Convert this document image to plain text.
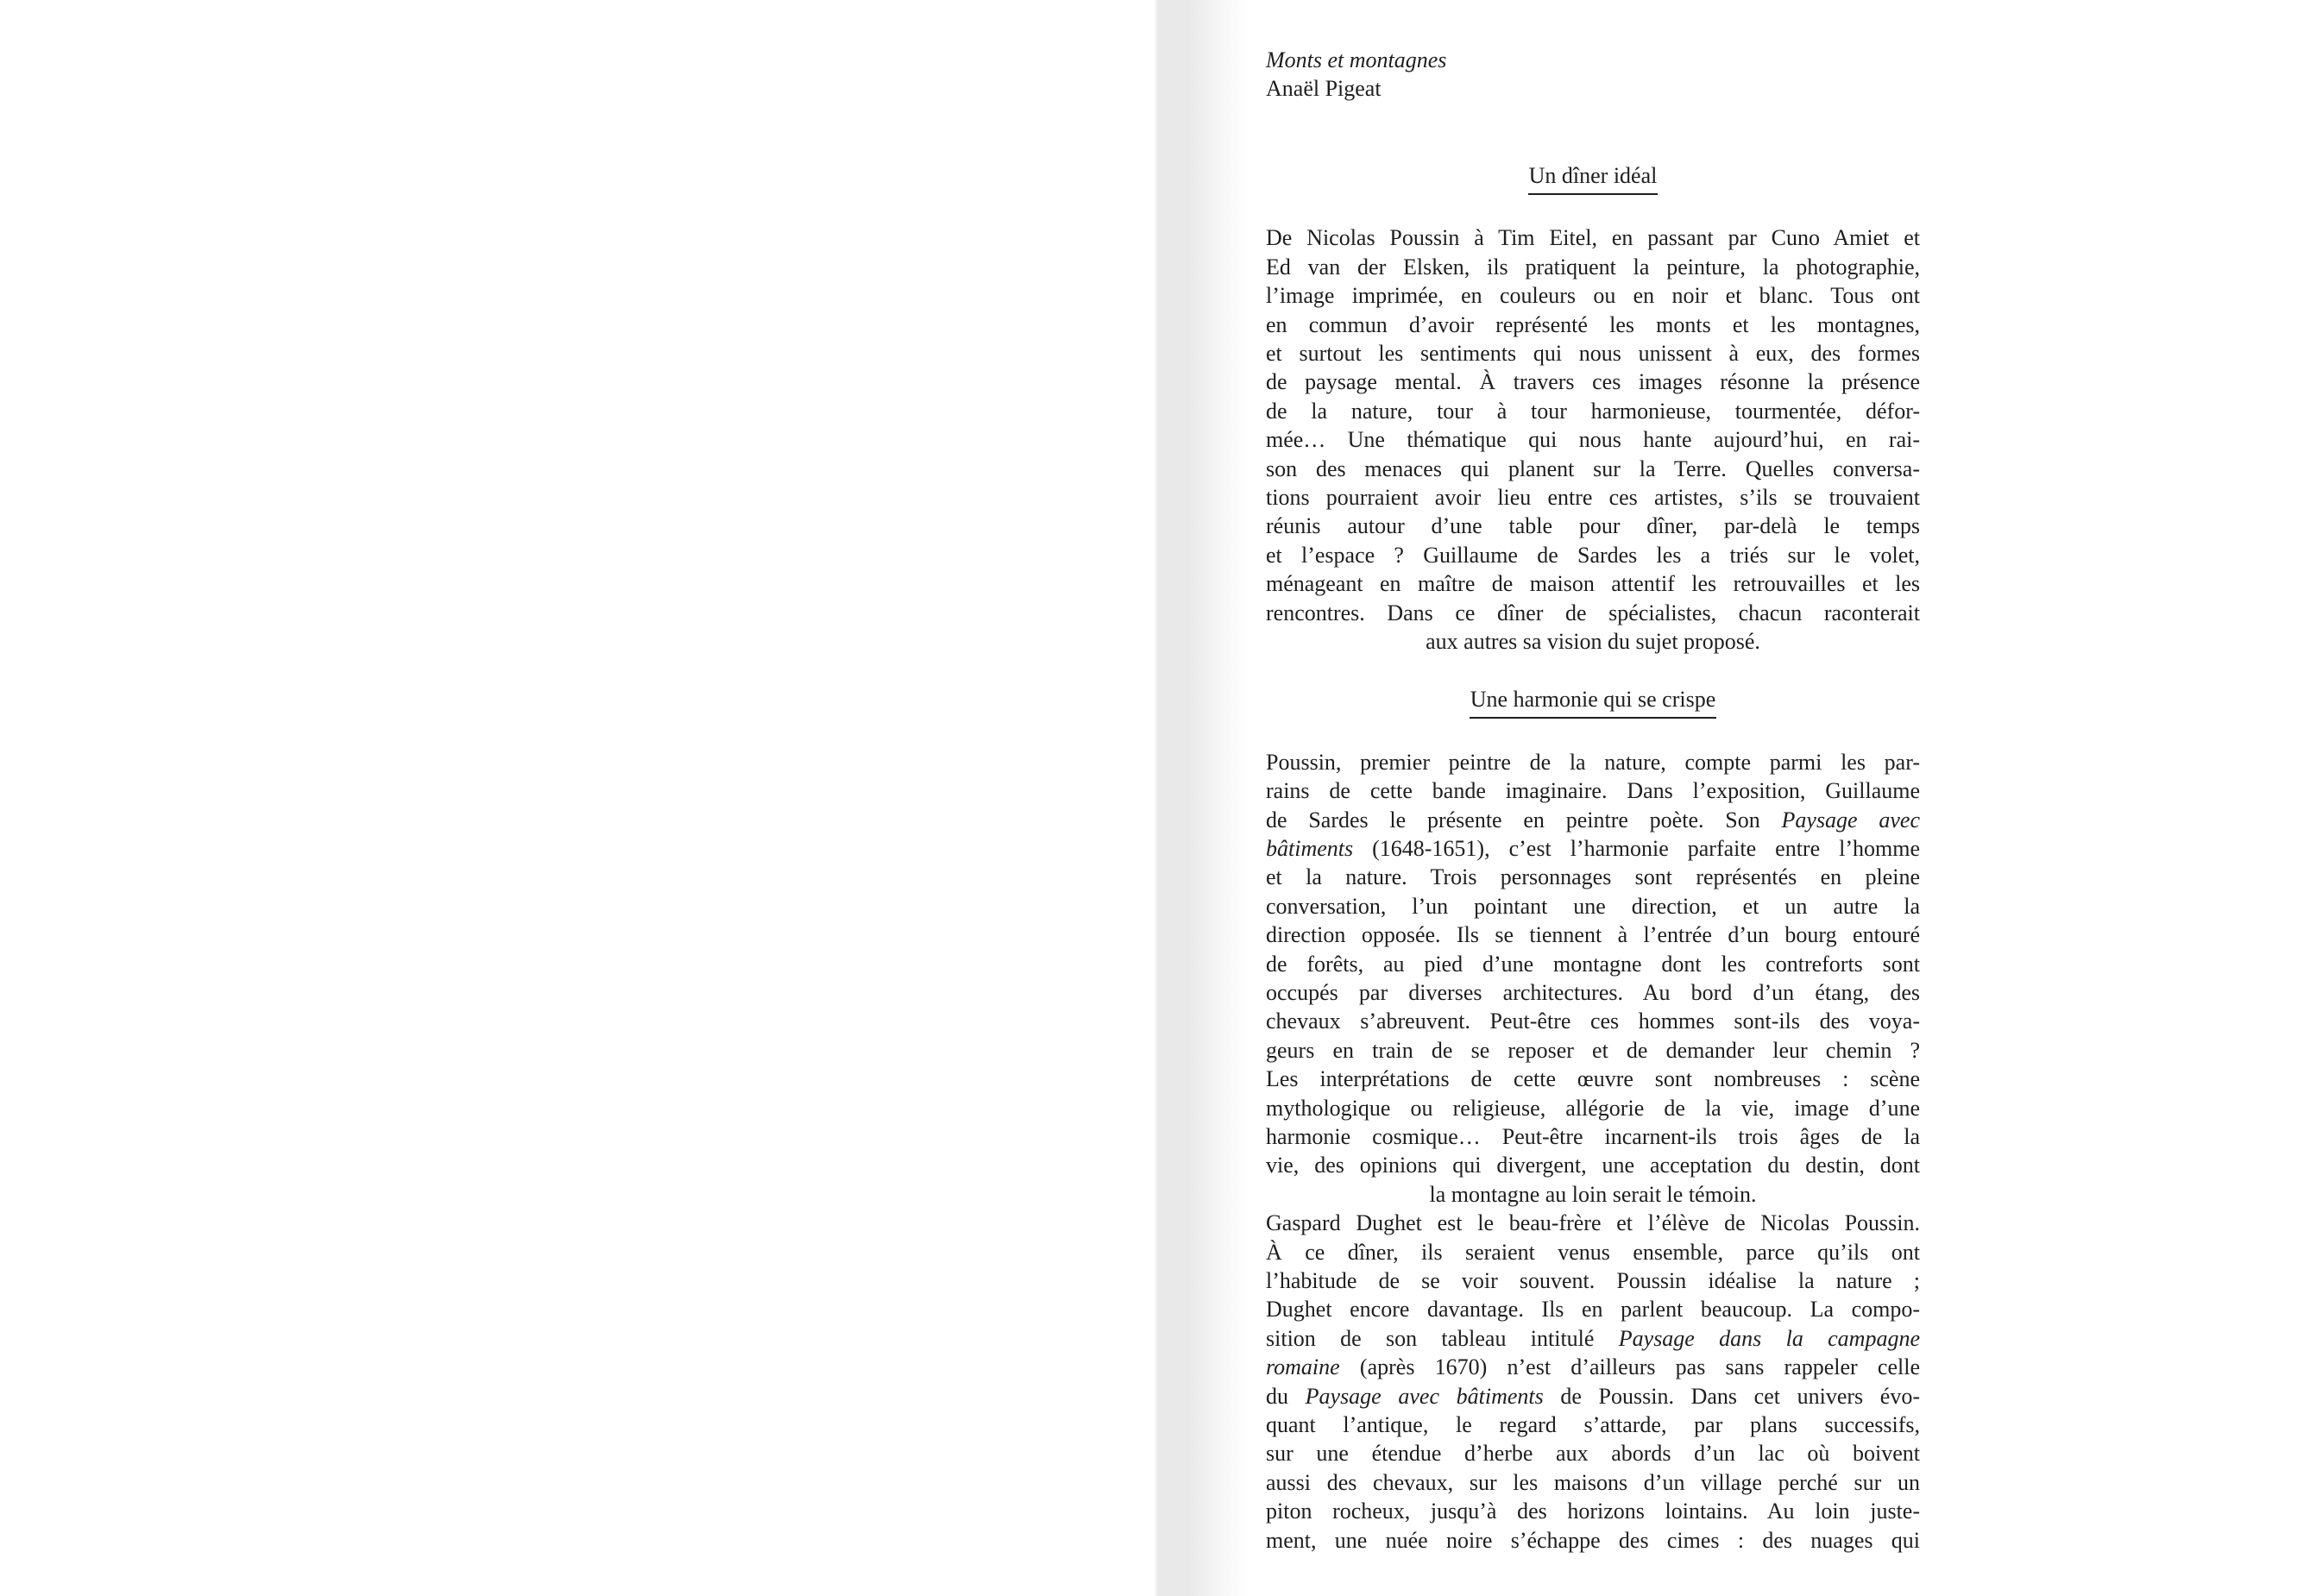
Monts et montagnes
Anaël Pigeat
Un dîner idéal
De Nicolas Poussin à Tim Eitel, en passant par Cuno Amiet et
Ed van der Elsken, ils pratiquent la peinture, la photographie,
l’image imprimée, en couleurs ou en noir et blanc. Tous ont
en commun d’avoir représenté les monts et les montagnes,
et surtout les sentiments qui nous unissent à eux, des formes
de paysage mental. À travers ces images résonne la présence
de la nature, tour à tour harmonieuse, tourmentée, défor-
mée… Une thématique qui nous hante aujourd’hui, en rai-
son des menaces qui planent sur la Terre. Quelles conversa-
tions pourraient avoir lieu entre ces artistes, s’ils se trouvaient
réunis autour d’une table pour dîner, par-delà le temps
et l’espace ? Guillaume de Sardes les a triés sur le volet,
ménageant en maître de maison attentif les retrouvailles et les
rencontres. Dans ce dîner de spécialistes, chacun raconterait
aux autres sa vision du sujet proposé.
Une harmonie qui se crispe
Poussin, premier peintre de la nature, compte parmi les par-
rains de cette bande imaginaire. Dans l’exposition, Guillaume
de Sardes le présente en peintre poète. Son Paysage avec
bâtiments (1648-1651), c’est l’harmonie parfaite entre l’homme
et la nature. Trois personnages sont représentés en pleine
conversation, l’un pointant une direction, et un autre la
direction opposée. Ils se tiennent à l’entrée d’un bourg entouré
de forêts, au pied d’une montagne dont les contreforts sont
occupés par diverses architectures. Au bord d’un étang, des
chevaux s’abreuvent. Peut-être ces hommes sont-ils des voya-
geurs en train de se reposer et de demander leur chemin ?
Les interprétations de cette œuvre sont nombreuses : scène
mythologique ou religieuse, allégorie de la vie, image d’une
harmonie cosmique… Peut-être incarnent-ils trois âges de la
vie, des opinions qui divergent, une acceptation du destin, dont
la montagne au loin serait le témoin.
Gaspard Dughet est le beau-frère et l’élève de Nicolas Poussin.
À ce dîner, ils seraient venus ensemble, parce qu’ils ont
l’habitude de se voir souvent. Poussin idéalise la nature ;
Dughet encore davantage. Ils en parlent beaucoup. La compo-
sition de son tableau intitulé Paysage dans la campagne
romaine (après 1670) n’est d’ailleurs pas sans rappeler celle
du Paysage avec bâtiments de Poussin. Dans cet univers évo-
quant l’antique, le regard s’attarde, par plans successifs,
sur une étendue d’herbe aux abords d’un lac où boivent
aussi des chevaux, sur les maisons d’un village perché sur un
piton rocheux, jusqu’à des horizons lointains. Au loin juste-
ment, une nuée noire s’échappe des cimes : des nuages qui
